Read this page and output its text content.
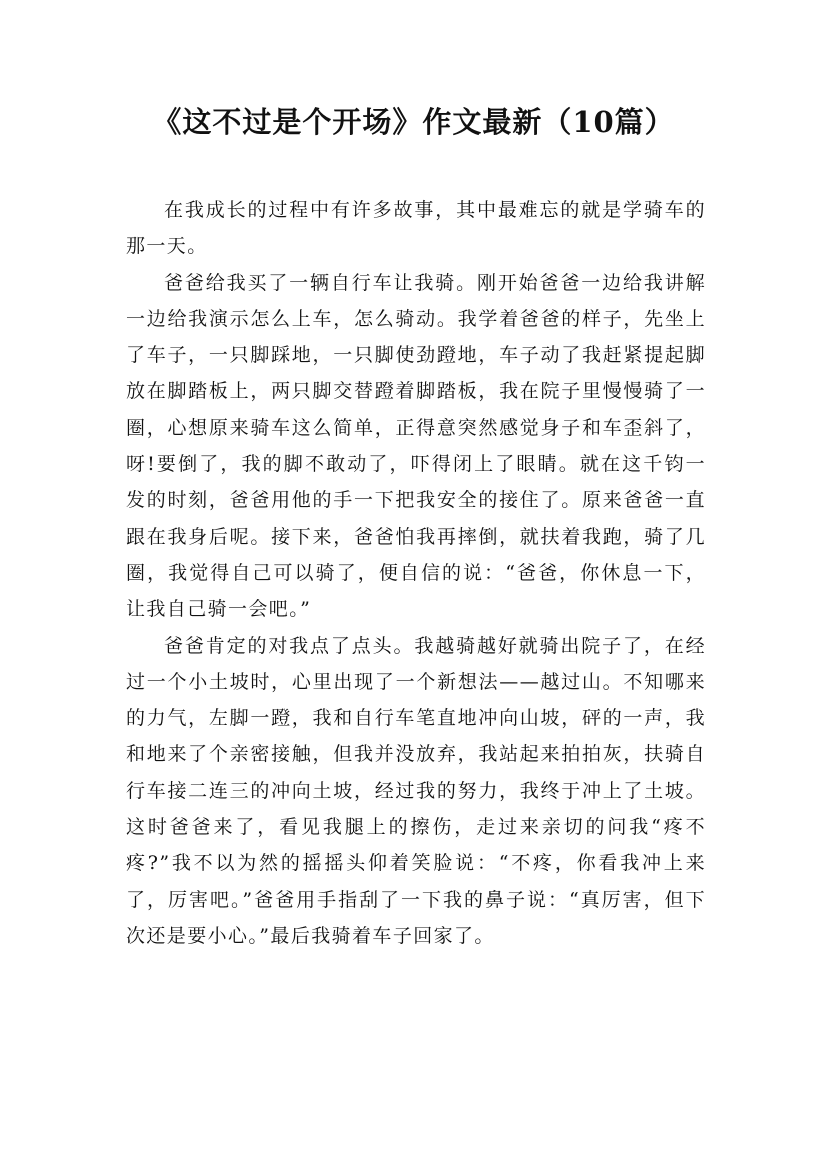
《这不过是个开场》作文最新（10篇）

在我成长的过程中有许多故事，其中最难忘的就是学骑车的那一天。

爸爸给我买了一辆自行车让我骑。刚开始爸爸一边给我讲解一边给我演示怎么上车，怎么骑动。我学着爸爸的样子，先坐上了车子，一只脚踩地，一只脚使劲蹬地，车子动了我赶紧提起脚放在脚踏板上，两只脚交替蹬着脚踏板，我在院子里慢慢骑了一圈，心想原来骑车这么简单，正得意突然感觉身子和车歪斜了，呀!要倒了，我的脚不敢动了，吓得闭上了眼睛。就在这千钧一发的时刻，爸爸用他的手一下把我安全的接住了。原来爸爸一直跟在我身后呢。接下来，爸爸怕我再摔倒，就扶着我跑，骑了几圈，我觉得自己可以骑了，便自信的说：“爸爸，你休息一下，让我自己骑一会吧。”

爸爸肯定的对我点了点头。我越骑越好就骑出院子了，在经过一个小土坡时，心里出现了一个新想法——越过山。不知哪来的力气，左脚一蹬，我和自行车笔直地冲向山坡，砰的一声，我和地来了个亲密接触，但我并没放弃，我站起来拍拍灰，扶骑自行车接二连三的冲向土坡，经过我的努力，我终于冲上了土坡。这时爸爸来了，看见我腿上的擦伤，走过来亲切的问我“疼不疼?”我不以为然的摇摇头仰着笑脸说：“不疼，你看我冲上来了，厉害吧。”爸爸用手指刮了一下我的鼻子说：“真厉害，但下次还是要小心。”最后我骑着车子回家了。
